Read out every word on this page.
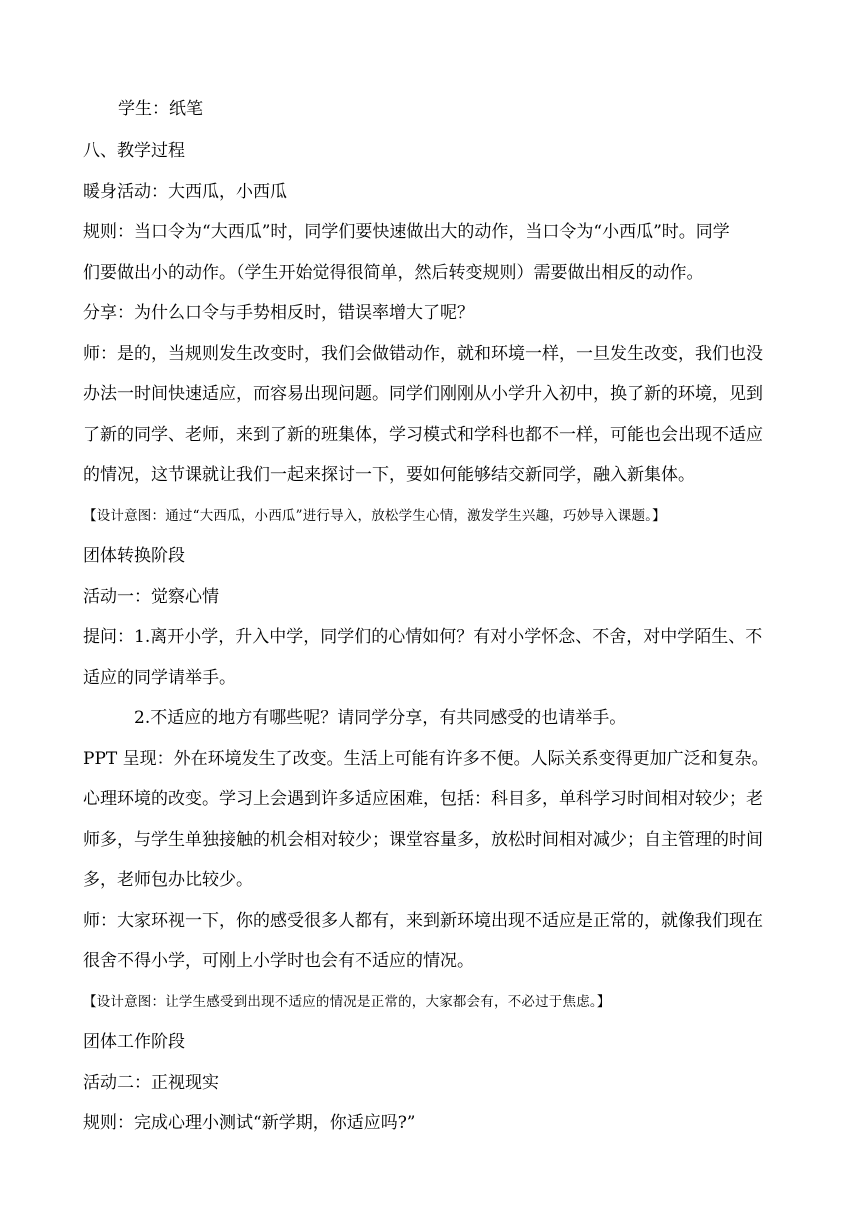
学生：纸笔
八、教学过程
暖身活动：大西瓜，小西瓜
规则：当口令为“大西瓜”时，同学们要快速做出大的动作，当口令为“小西瓜”时。同学
们要做出小的动作。（学生开始觉得很简单，然后转变规则）需要做出相反的动作。
分享：为什么口令与手势相反时，错误率增大了呢？
师：是的，当规则发生改变时，我们会做错动作，就和环境一样，一旦发生改变，我们也没
办法一时间快速适应，而容易出现问题。同学们刚刚从小学升入初中，换了新的环境，见到
了新的同学、老师，来到了新的班集体，学习模式和学科也都不一样，可能也会出现不适应
的情况，这节课就让我们一起来探讨一下，要如何能够结交新同学，融入新集体。
【设计意图：通过“大西瓜，小西瓜”进行导入，放松学生心情，激发学生兴趣，巧妙导入课题。】
团体转换阶段
活动一：觉察心情
提问：1.离开小学，升入中学，同学们的心情如何？有对小学怀念、不舍，对中学陌生、不
适应的同学请举手。
2.不适应的地方有哪些呢？请同学分享，有共同感受的也请举手。
PPT 呈现：外在环境发生了改变。生活上可能有许多不便。人际关系变得更加广泛和复杂。
心理环境的改变。学习上会遇到许多适应困难，包括：科目多，单科学习时间相对较少；老
师多，与学生单独接触的机会相对较少；课堂容量多，放松时间相对减少；自主管理的时间
多，老师包办比较少。
师：大家环视一下，你的感受很多人都有，来到新环境出现不适应是正常的，就像我们现在
很舍不得小学，可刚上小学时也会有不适应的情况。
【设计意图：让学生感受到出现不适应的情况是正常的，大家都会有，不必过于焦虑。】
团体工作阶段
活动二：正视现实
规则：完成心理小测试“新学期，你适应吗?”
